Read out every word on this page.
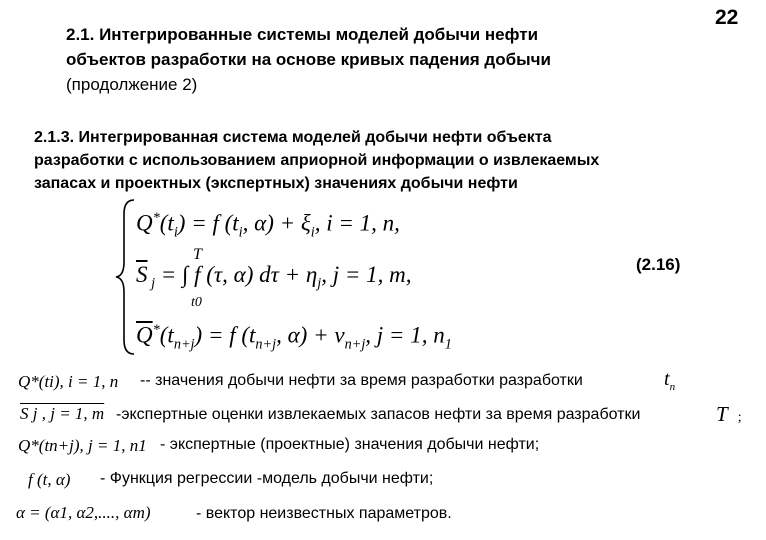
22
2.1. Интегрированные системы моделей добычи нефти
объектов разработки на основе кривых падения добычи
(продолжение 2)
2.1.3. Интегрированная система моделей добычи нефти объекта
разработки с использованием априорной информации о извлекаемых
запасах и проектных (экспертных) значениях добычи нефти
$Q^*(t_i) = f$ ($t_i$, $\alpha) + \xi_i$, i = 1, n,
T
$\overline{S}$ $_j$ = ∫ f (τ, α) $d\tau + \eta_j$, j = 1, m,
t0
$\overline{Q}^*(t_{n+j}) = f$ ($t_{n+j}$, $\alpha) + \nu_{n+j}$, j = 1, $n_1$
(2.16)
Q*(ti), i = 1, n -- значения добычи нефти за время разработки разработки	$t_n$
S j , j = 1, m -экспертные оценки извлекаемых запасов нефти за время разработки	T ;
Q*(tn+j), j = 1, n1 - экспертные (проектные) значения добычи нефти;
f (t, α) - Функция регрессии -модель добычи нефти;
α = (α1, α2,...., αm)	- вектор неизвестных параметров.
